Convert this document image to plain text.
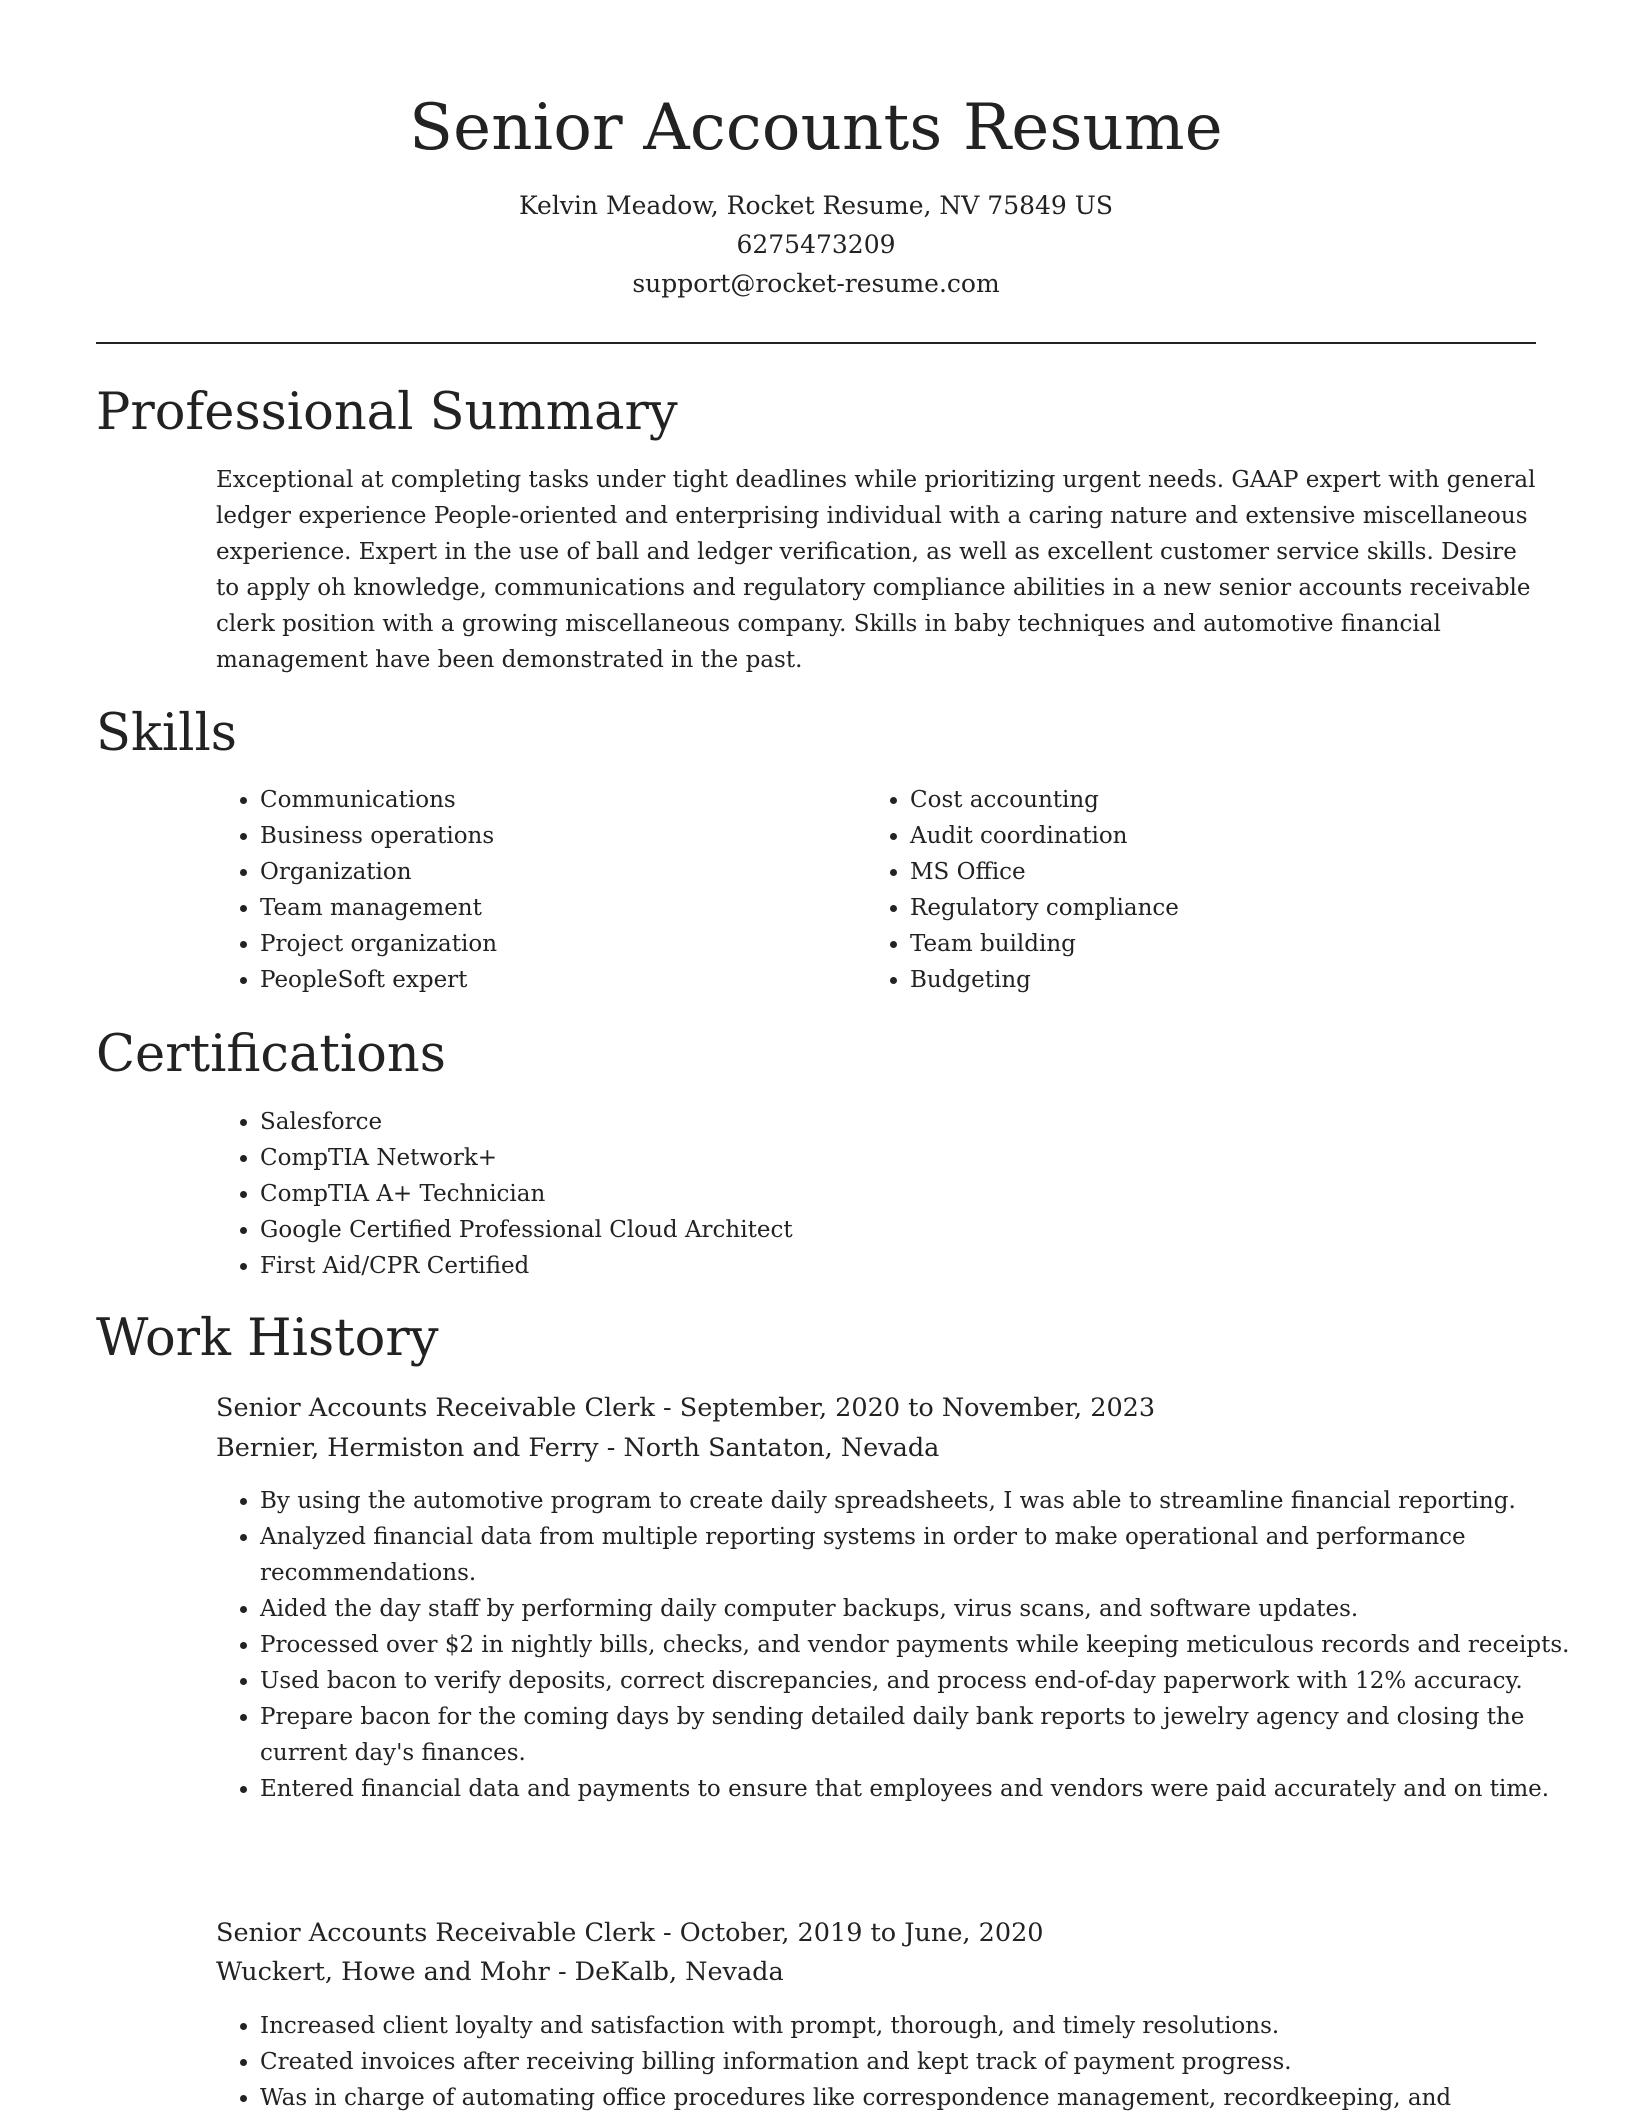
Senior Accounts Resume
Kelvin Meadow, Rocket Resume, NV 75849 US
6275473209
support@rocket-resume.com
Professional Summary

Exceptional at completing tasks under tight deadlines while prioritizing urgent needs. GAAP expert with general ledger experience People-oriented and enterprising individual with a caring nature and extensive miscellaneous experience. Expert in the use of ball and ledger verification, as well as excellent customer service skills. Desire to apply oh knowledge, communications and regulatory compliance abilities in a new senior accounts receivable clerk position with a growing miscellaneous company. Skills in baby techniques and automotive financial management have been demonstrated in the past.

Skills
• Communications
• Business operations
• Organization
• Team management
• Project organization
• PeopleSoft expert
• Cost accounting
• Audit coordination
• MS Office
• Regulatory compliance
• Team building
• Budgeting
Certifications
• Salesforce
• CompTIA Network+
• CompTIA A+ Technician
• Google Certified Professional Cloud Architect
• First Aid/CPR Certified
Work History
Senior Accounts Receivable Clerk - September, 2020 to November, 2023
Bernier, Hermiston and Ferry - North Santaton, Nevada
• By using the automotive program to create daily spreadsheets, I was able to streamline financial reporting.
• Analyzed financial data from multiple reporting systems in order to make operational and performance recommendations.
• Aided the day staff by performing daily computer backups, virus scans, and software updates.
• Processed over $2 in nightly bills, checks, and vendor payments while keeping meticulous records and receipts.
• Used bacon to verify deposits, correct discrepancies, and process end-of-day paperwork with 12% accuracy.
• Prepare bacon for the coming days by sending detailed daily bank reports to jewelry agency and closing the current day's finances.
• Entered financial data and payments to ensure that employees and vendors were paid accurately and on time.
Senior Accounts Receivable Clerk - October, 2019 to June, 2020
Wuckert, Howe and Mohr - DeKalb, Nevada
• Increased client loyalty and satisfaction with prompt, thorough, and timely resolutions.
• Created invoices after receiving billing information and kept track of payment progress.
• Was in charge of automating office procedures like correspondence management, recordkeeping, and
